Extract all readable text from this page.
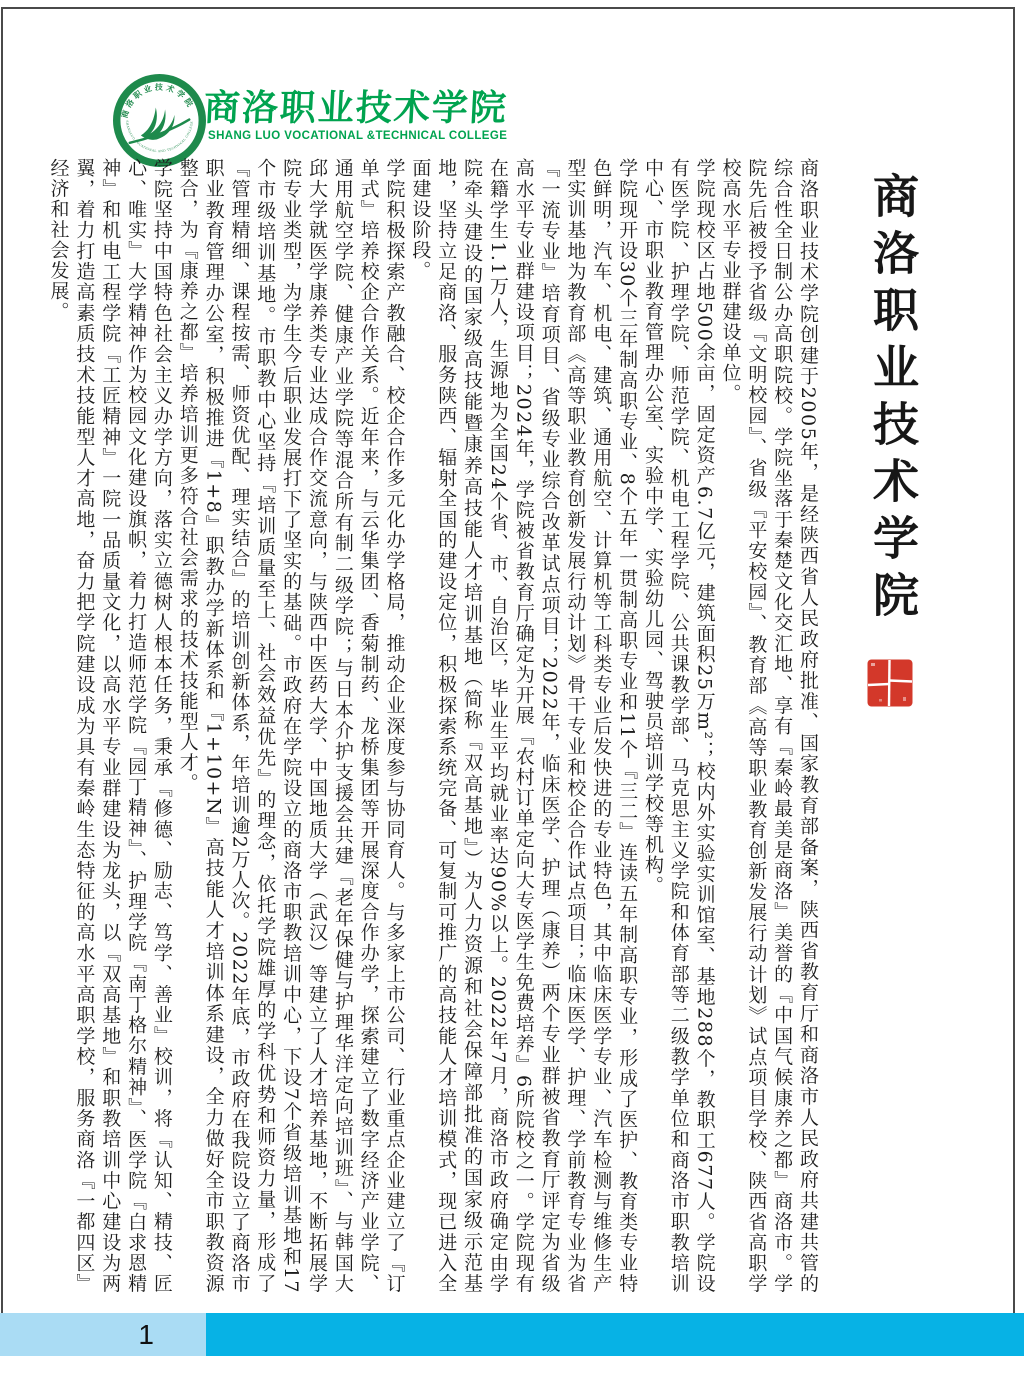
商洛职业技术学院
SHANGLUO VOCATIONAL AND TECHNICAL COLLEGE 商洛职业技术学院
SHANG LUO VOCATIONAL &TECHNICAL COLLEGE
商洛职业技术学院

商洛职业技术学院创建于2005年，是经陕西省人民政府批准、国家教育部备案，陕西省教育厅和商洛市人民政府共建共管的综合性全日制公办高职院校。学院坐落于秦楚文化交汇地、享有『秦岭最美是商洛』美誉的『中国气候康养之都』商洛市。学院先后被授予省级『文明校园』、省级『平安校园』、教育部《高等职业教育创新发展行动计划》试点项目学校、陕西省高职学校高水平专业群建设单位。

学院现校区占地500余亩，固定资产6.7亿元，建筑面积25万m²；校内外实验实训馆室、基地288个，教职工677人。学院设有医学院、护理学院、师范学院、机电工程学院、公共课教学部、马克思主义学院和体育部等二级教学单位和商洛市职教培训中心、市职业教育管理办公室、实验中学、实验幼儿园、驾驶员培训学校等机构。

学院现开设30个三年制高职专业、8个五年一贯制高职专业和11个『三二』连读五年制高职专业，形成了医护、教育类专业特色鲜明，汽车、机电、建筑、通用航空、计算机等工科类专业后发快进的专业特色，其中临床医学专业、汽车检测与维修生产型实训基地为教育部《高等职业教育创新发展行动计划》骨干专业和校企合作试点项目；临床医学、护理、学前教育专业为省『一流专业』培育项目、省级专业综合改革试点项目；2022年，临床医学、护理（康养）两个专业群被省教育厅评定为省级高水平专业群建设项目；2024年，学院被省教育厅确定为开展『农村订单定向大专医学生免费培养』6所院校之一。学院现有在籍学生1.1万人，生源地为全国24个省、市、自治区，毕业生平均就业率达90%以上。2022年7月，商洛市政府确定由学院牵头建设的国家级高技能暨康养高技能人才培训基地（简称『双高基地』）为人力资源和社会保障部批准的国家级示范基地，坚持立足商洛、服务陕西、辐射全国的建设定位，积极探索系统完备、可复制可推广的高技能人才培训模式，现已进入全面建设阶段。

学院积极探索产教融合、校企合作多元化办学格局，推动企业深度参与协同育人。与多家上市公司、行业重点企业建立了『订单式』培养校企合作关系。近年来，与云华集团、香菊制药、龙桥集团等开展深度合作办学，探索建立了数字经济产业学院、通用航空学院、健康产业学院等混合所有制二级学院；与日本介护支援会共建『老年保健与护理华洋定向培训班』、与韩国大邱大学就医学康养类专业达成合作交流意向，与陕西中医药大学、中国地质大学（武汉）等建立了人才培养基地，不断拓展学院专业类型，为学生今后职业发展打下了坚实的基础。市政府在学院设立的商洛市职教培训中心，下设7个省级培训基地和17个市级培训基地。市职教中心坚持『培训质量至上、社会效益优先』的理念，依托学院雄厚的学科优势和师资力量，形成了『管理精细、课程按需、师资优配、理实结合』的培训创新体系，年培训逾2万人次。2022年底，市政府在我院设立了商洛市职业教育管理办公室，积极推进『1+8』职教办学新体系和『1+10+N』高技能人才培训体系建设，全力做好全市职教资源整合，为『康养之都』培养培训更多符合社会需求的技术技能型人才。

学院坚持中国特色社会主义办学方向，落实立德树人根本任务，秉承『修德、励志、笃学、善业』校训，将『认知、精技、匠心、唯实』大学精神作为校园文化建设旗帜，着力打造师范学院『园丁精神』、护理学院『南丁格尔精神』、医学院『白求恩精神』和机电工程学院『工匠精神』一院一品质量文化，以高水平专业群建设为龙头，以『双高基地』和职教培训中心建设为两翼，着力打造高素质技术技能型人才高地，奋力把学院建设成为具有秦岭生态特征的高水平高职学校，服务商洛『一都四区』经济和社会发展。

1
